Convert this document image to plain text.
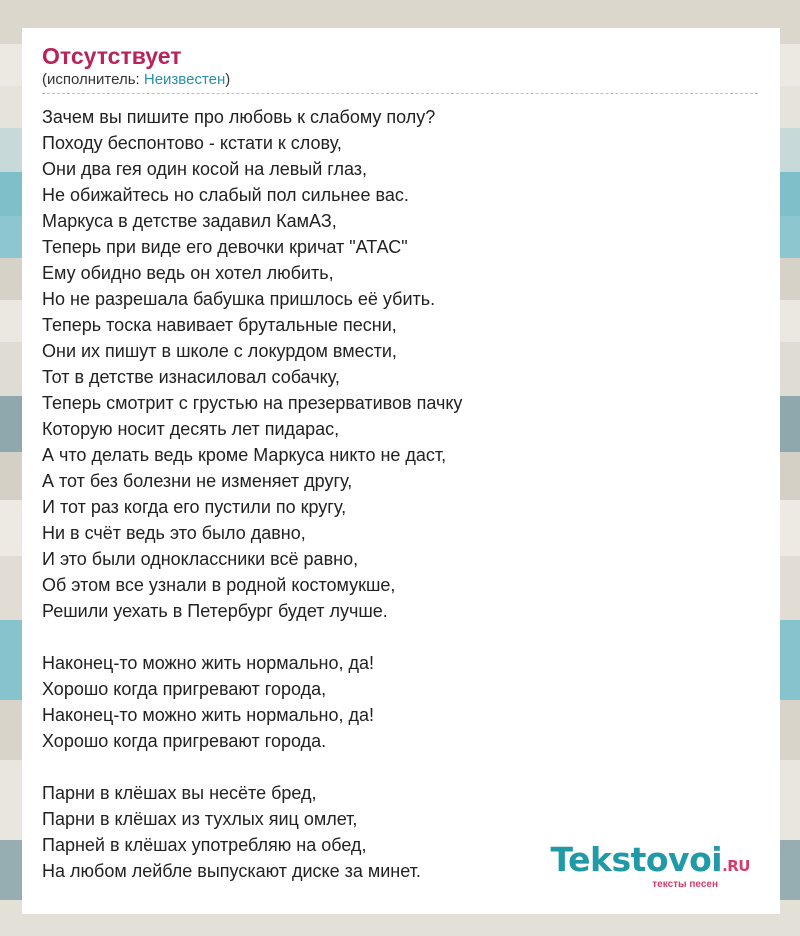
Отсутствует
(исполнитель: Неизвестен)
Зачем вы пишите про любовь к слабому полу?
Походу беспонтово - кстати к слову,
Они два гея один косой на левый глаз,
Не обижайтесь но слабый пол сильнее вас.
Маркуса в детстве задавил КамАЗ,
Теперь при виде его девочки кричат "АТАС"
Ему обидно ведь он хотел любить,
Но не разрешала бабушка пришлось её убить.
Теперь тоска навивает брутальные песни,
Они их пишут в школе с локурдом вмести,
Тот в детстве изнасиловал собачку,
Теперь смотрит с грустью на презервативов пачку
Которую носит десять лет пидарас,
А что делать ведь кроме Маркуса никто не даст,
А тот без болезни не изменяет другу,
И тот раз когда его пустили по кругу,
Ни в счёт ведь это было давно,
И это были одноклассники всё равно,
Об этом все узнали в родной костомукше,
Решили уехать в Петербург будет лучше.
Наконец-то можно жить нормально, да!
Хорошо когда пригревают города,
Наконец-то можно жить нормально, да!
Хорошо когда пригревают города.
Парни в клёшах вы несёте бред,
Парни в клёшах из тухлых яиц омлет,
Парней в клёшах употребляю на обед,
На любом лейбле выпускают диске за минет.	Tekstovoi.RU
тексты песен
